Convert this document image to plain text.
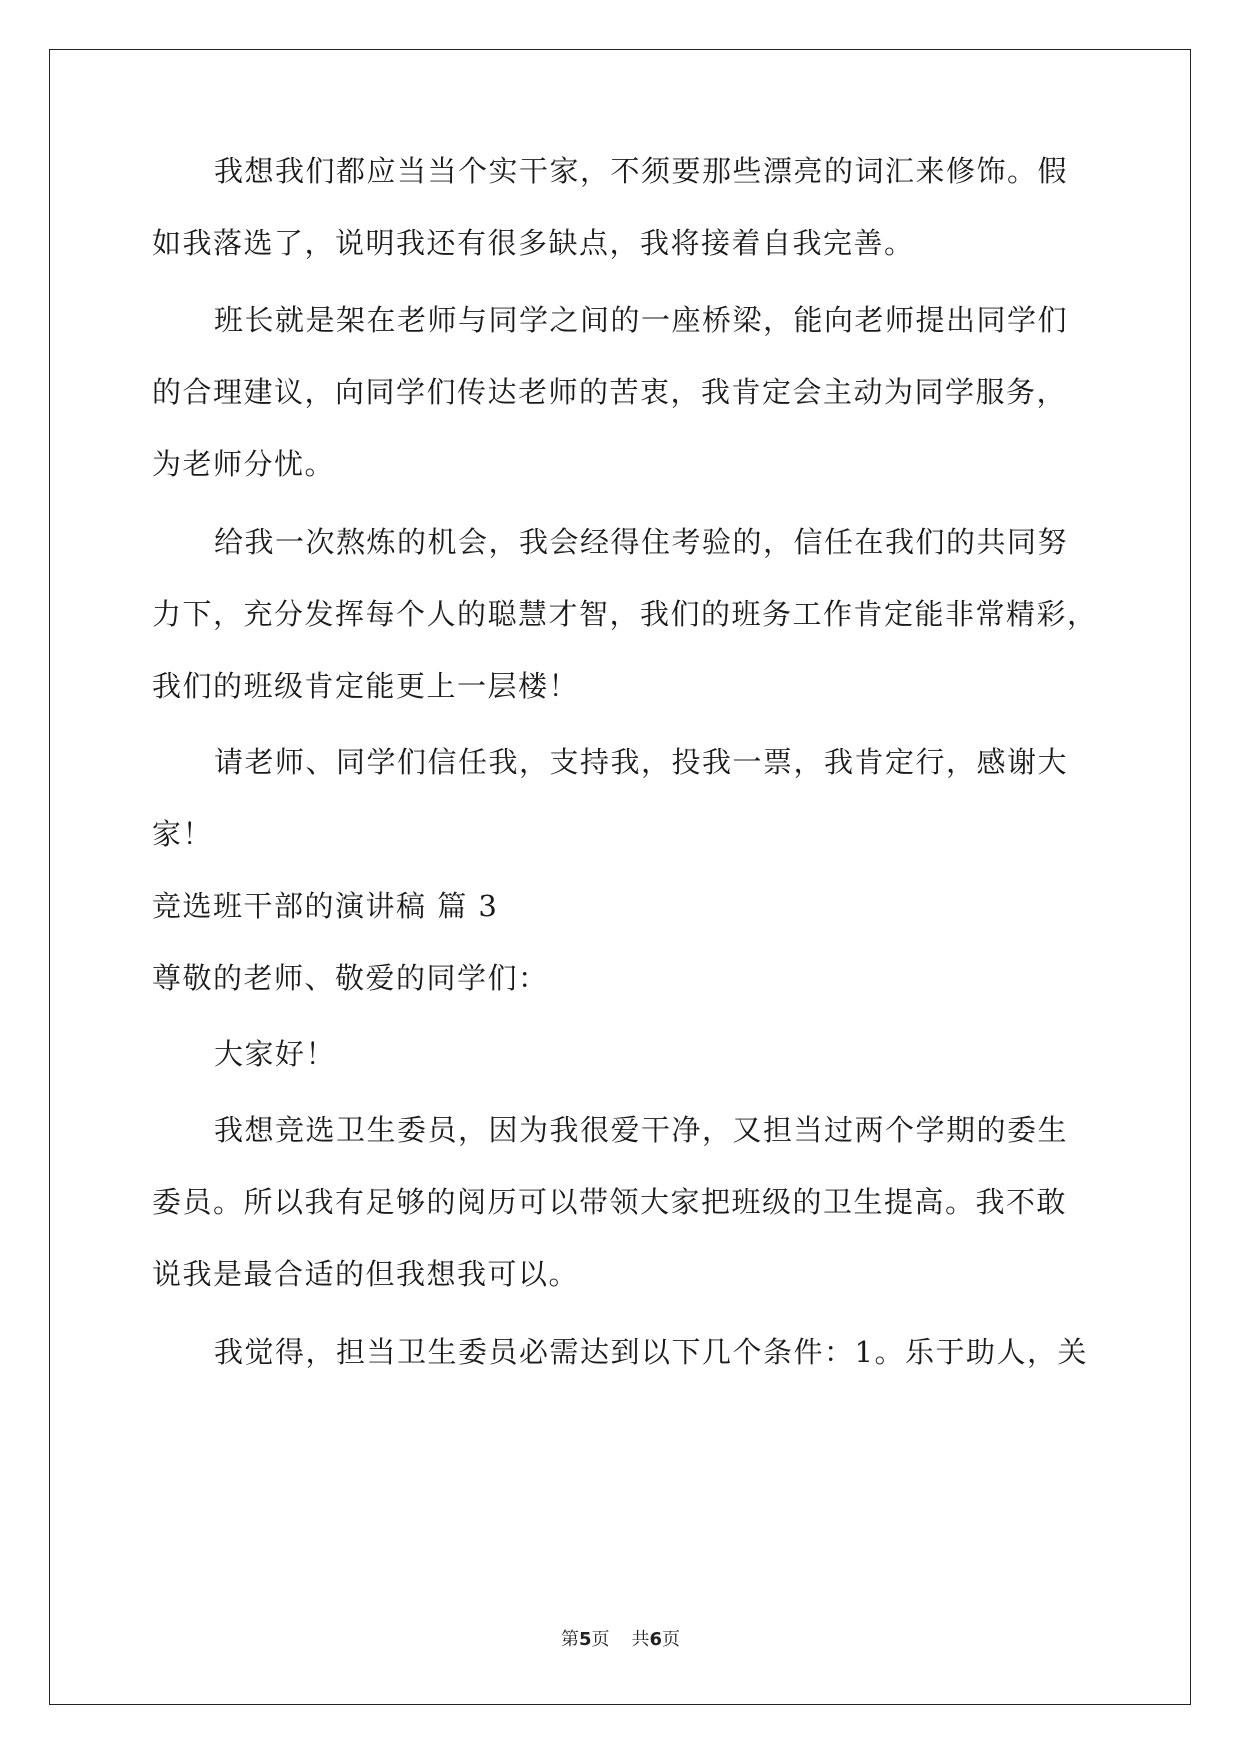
我想我们都应当当个实干家，不须要那些漂亮的词汇来修饰。假
如我落选了，说明我还有很多缺点，我将接着自我完善。
班长就是架在老师与同学之间的一座桥梁，能向老师提出同学们
的合理建议，向同学们传达老师的苦衷，我肯定会主动为同学服务，
为老师分忧。
给我一次熬炼的机会，我会经得住考验的，信任在我们的共同努
力下，充分发挥每个人的聪慧才智，我们的班务工作肯定能非常精彩，
我们的班级肯定能更上一层楼！
请老师、同学们信任我，支持我，投我一票，我肯定行，感谢大
家！
竞选班干部的演讲稿 篇 3
尊敬的老师、敬爱的同学们：
大家好！
我想竞选卫生委员，因为我很爱干净，又担当过两个学期的委生
委员。所以我有足够的阅历可以带领大家把班级的卫生提高。我不敢
说我是最合适的但我想我可以。
我觉得，担当卫生委员必需达到以下几个条件：1。乐于助人，关
第5页 共6页
